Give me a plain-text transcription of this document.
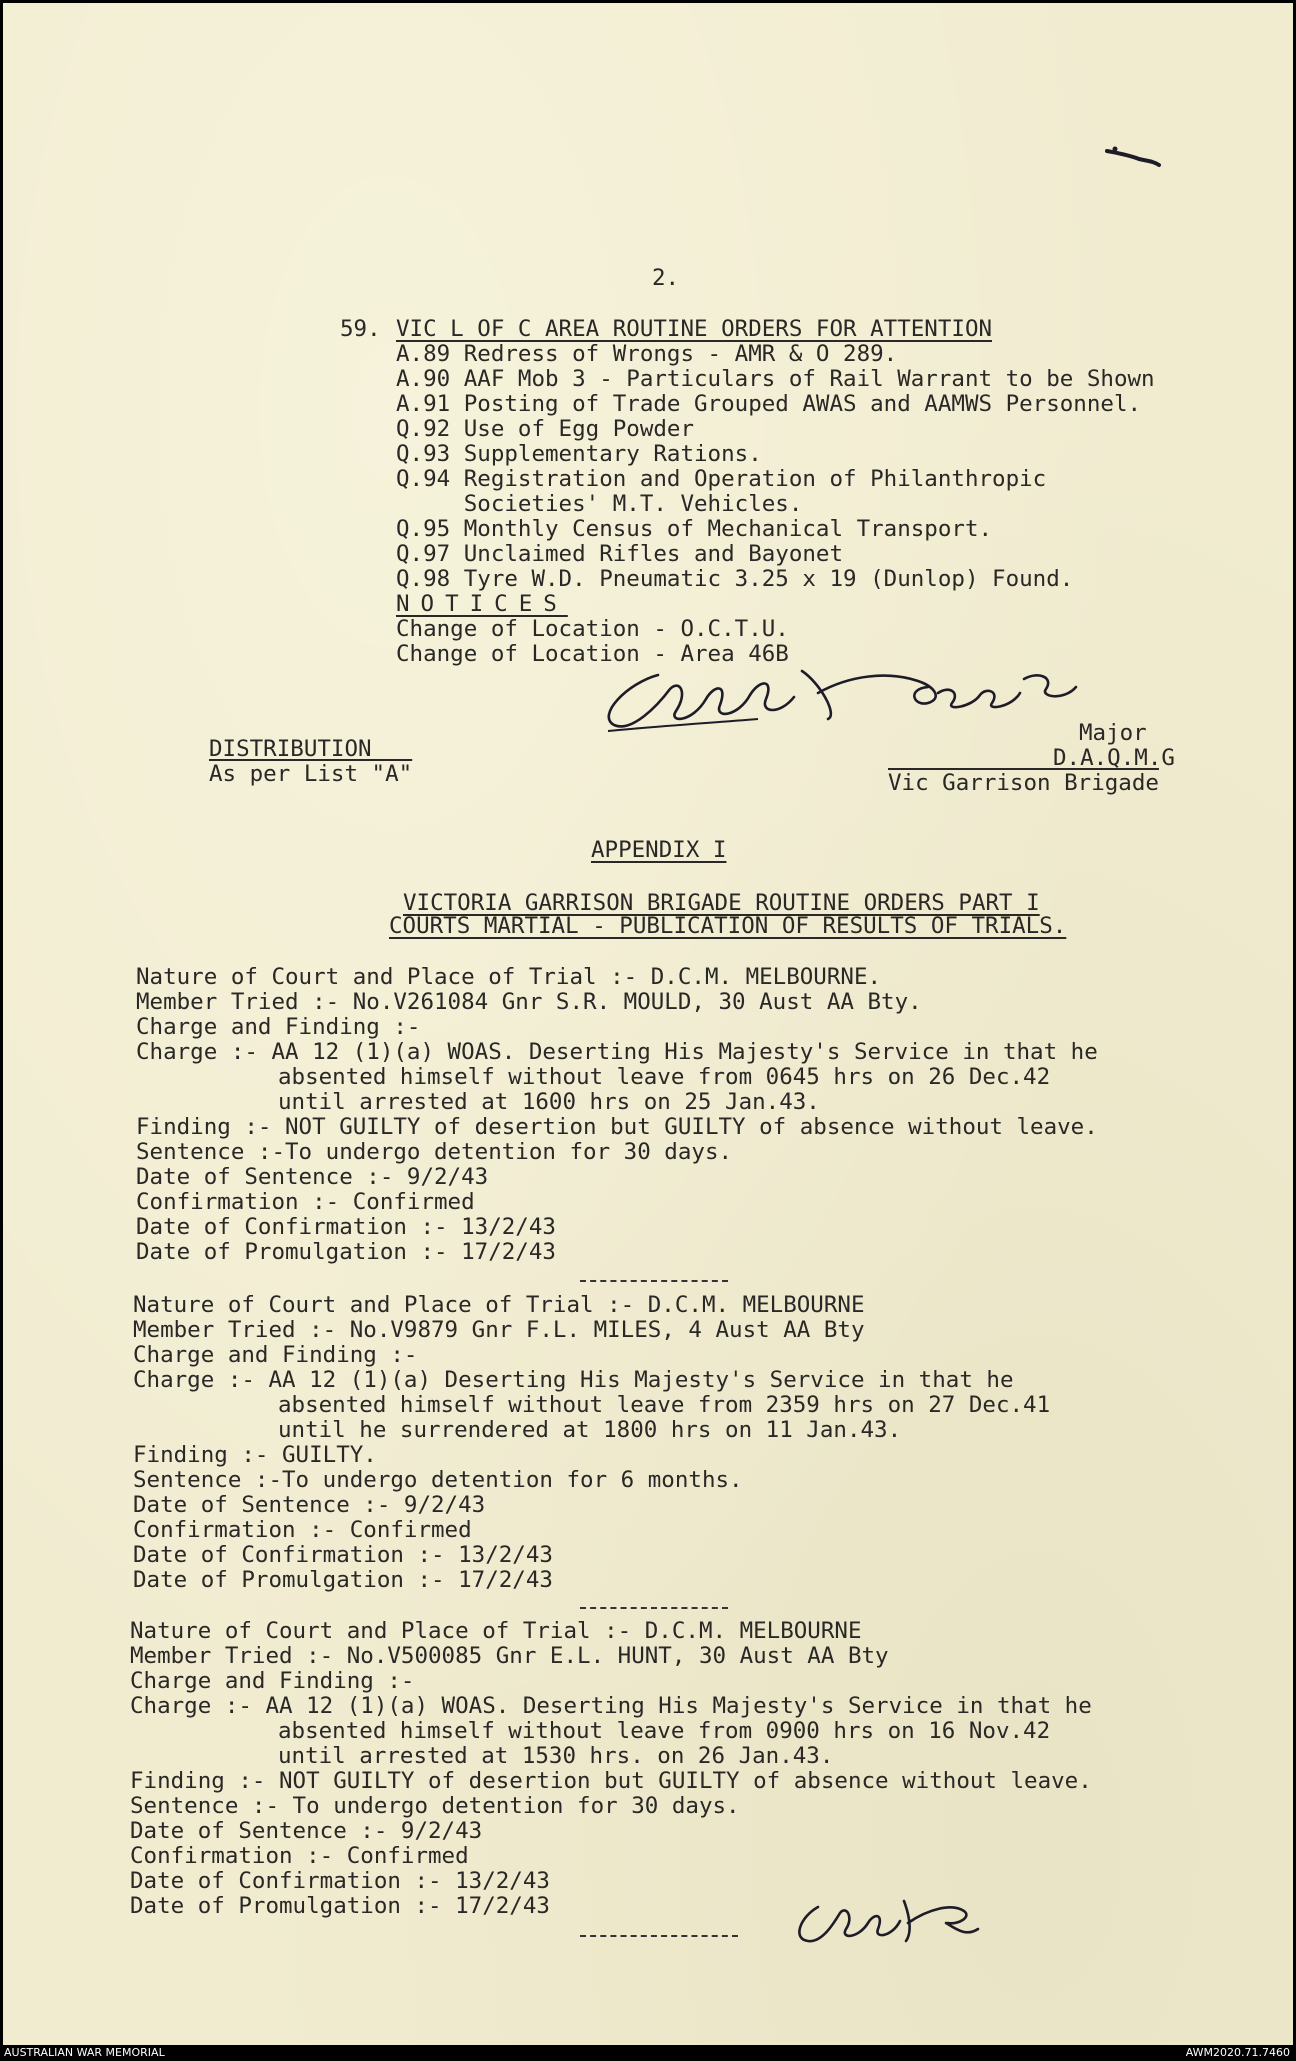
2.
59. VIC L OF C AREA ROUTINE ORDERS FOR ATTENTION
A.89 Redress of Wrongs - AMR & O 289.
A.90 AAF Mob 3 - Particulars of Rail Warrant to be Shown
A.91 Posting of Trade Grouped AWAS and AAMWS Personnel.
Q.92 Use of Egg Powder
Q.93 Supplementary Rations.
Q.94 Registration and Operation of Philanthropic
Societies' M.T. Vehicles.
Q.95 Monthly Census of Mechanical Transport.
Q.97 Unclaimed Rifles and Bayonet
Q.98 Tyre W.D. Pneumatic 3.25 x 19 (Dunlop) Found.
NOTICES
Change of Location - O.C.T.U.
Change of Location - Area 46B
Major
DISTRIBUTION	D.A.Q.M.G
As per List "A"	Vic Garrison Brigade
APPENDIX I
VICTORIA GARRISON BRIGADE ROUTINE ORDERS PART I
COURTS MARTIAL - PUBLICATION OF RESULTS OF TRIALS.
Nature of Court and Place of Trial :- D.C.M. MELBOURNE.
Member Tried :- No.V261084 Gnr S.R. MOULD, 30 Aust AA Bty.
Charge and Finding :-
Charge :- AA 12 (1)(a) WOAS. Deserting His Majesty's Service in that he
absented himself without leave from 0645 hrs on 26 Dec.42
until arrested at 1600 hrs on 25 Jan.43.
Finding :- NOT GUILTY of desertion but GUILTY of absence without leave.
Sentence :-To undergo detention for 30 days.
Date of Sentence :- 9/2/43
Confirmation :- Confirmed
Date of Confirmation :- 13/2/43
Date of Promulgation :- 17/2/43
Nature of Court and Place of Trial :- D.C.M. MELBOURNE
Member Tried :- No.V9879 Gnr F.L. MILES, 4 Aust AA Bty
Charge and Finding :-
Charge :- AA 12 (1)(a) Deserting His Majesty's Service in that he
absented himself without leave from 2359 hrs on 27 Dec.41
until he surrendered at 1800 hrs on 11 Jan.43.
Finding :- GUILTY.
Sentence :-To undergo detention for 6 months.
Date of Sentence :- 9/2/43
Confirmation :- Confirmed
Date of Confirmation :- 13/2/43
Date of Promulgation :- 17/2/43
Nature of Court and Place of Trial :- D.C.M. MELBOURNE
Member Tried :- No.V500085 Gnr E.L. HUNT, 30 Aust AA Bty
Charge and Finding :-
Charge :- AA 12 (1)(a) WOAS. Deserting His Majesty's Service in that he
absented himself without leave from 0900 hrs on 16 Nov.42
until arrested at 1530 hrs. on 26 Jan.43.
Finding :- NOT GUILTY of desertion but GUILTY of absence without leave.
Sentence :- To undergo detention for 30 days.
Date of Sentence :- 9/2/43
Confirmation :- Confirmed
Date of Confirmation :- 13/2/43
Date of Promulgation :- 17/2/43
AUSTRALIAN WAR MEMORIAL	AWM2020.71.7460
